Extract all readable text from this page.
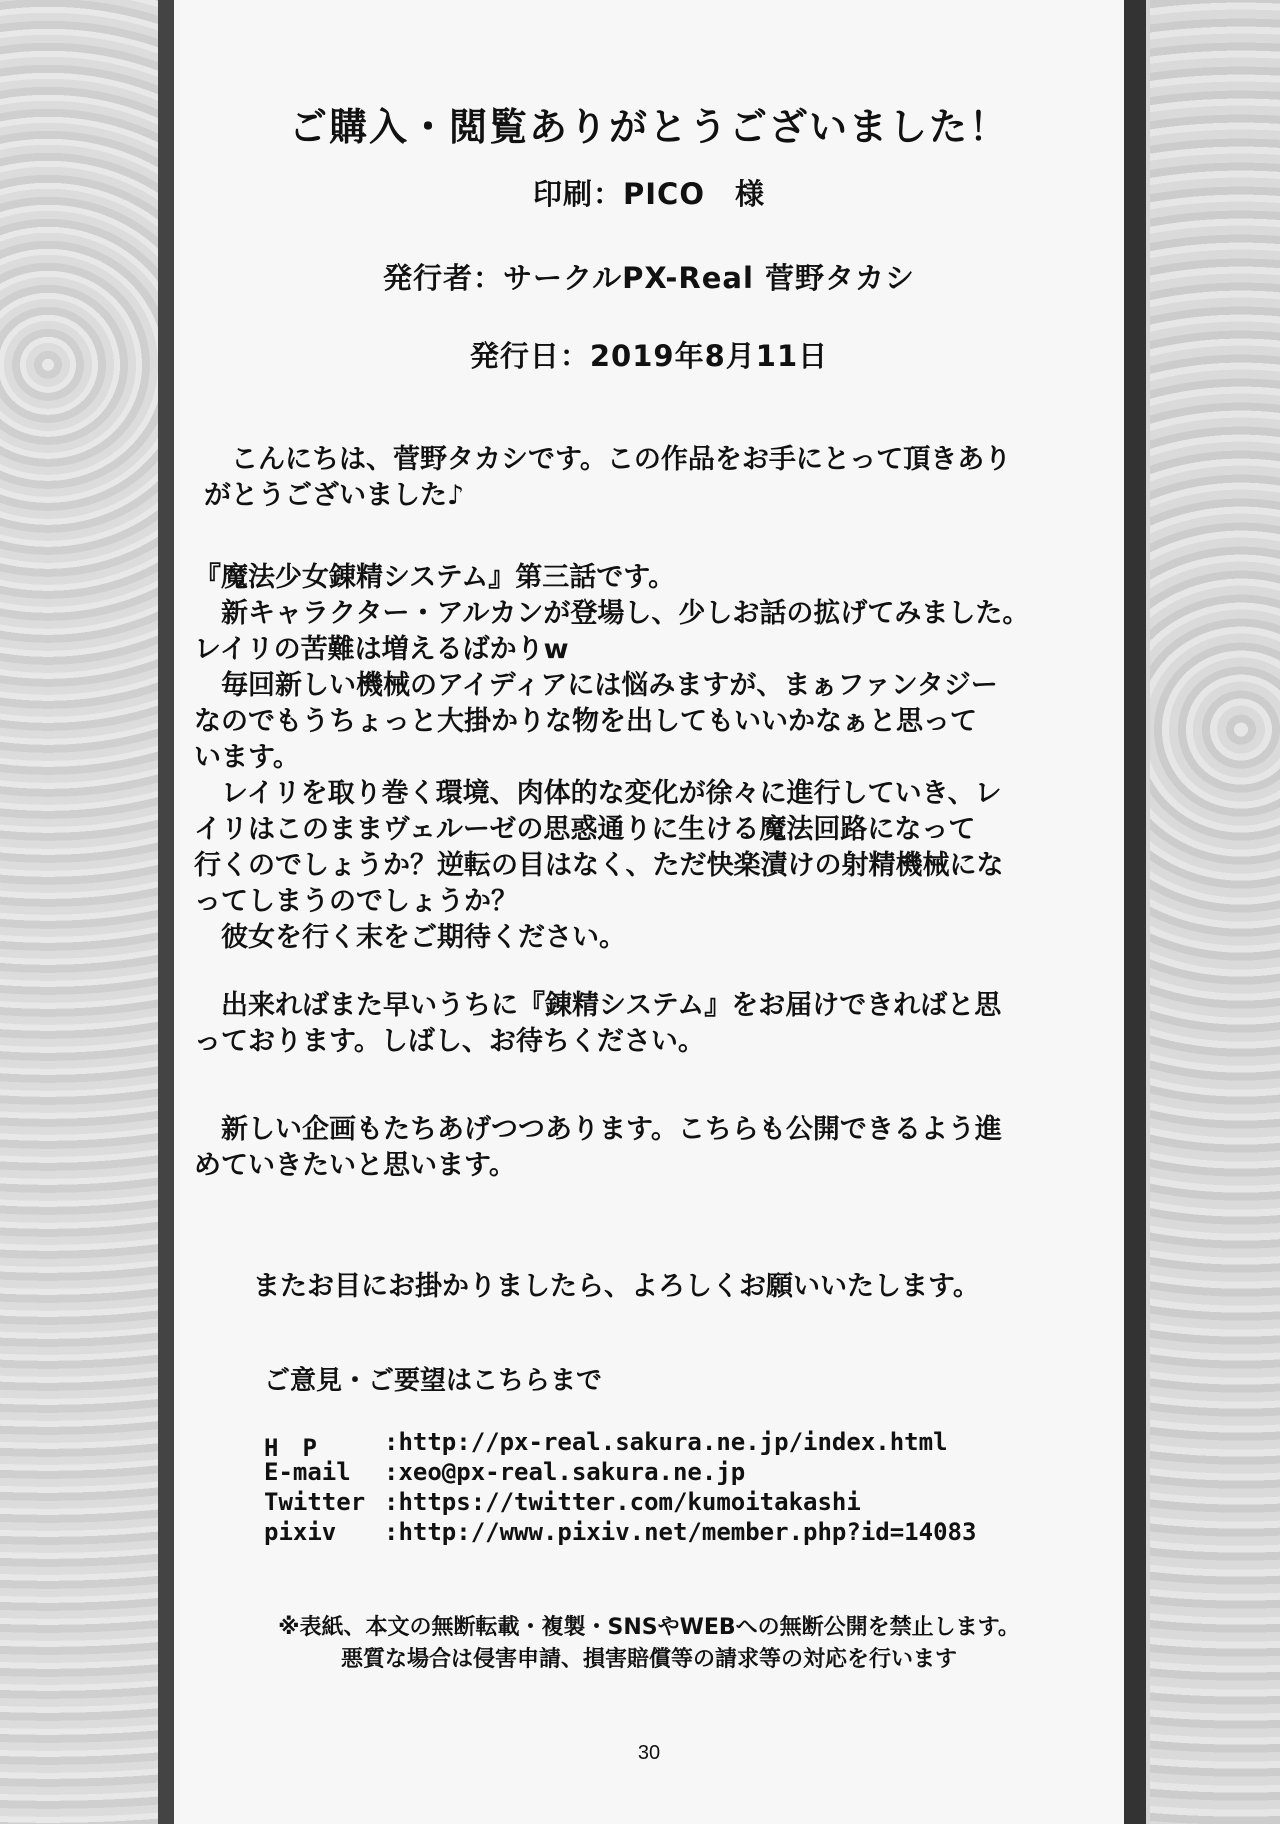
ご購入・閲覧ありがとうございました！
印刷：PICO　様
発行者：サークルPX-Real 菅野タカシ
発行日：2019年8月11日
　こんにちは、菅野タカシです。この作品をお手にとって頂きあり
がとうございました♪
『魔法少女錬精システム』第三話です。
　新キャラクター・アルカンが登場し、少しお話の拡げてみました。
レイリの苦難は増えるばかりw
　毎回新しい機械のアイディアには悩みますが、まぁファンタジー
なのでもうちょっと大掛かりな物を出してもいいかなぁと思って
います。
　レイリを取り巻く環境、肉体的な変化が徐々に進行していき、レ
イリはこのままヴェルーゼの思惑通りに生ける魔法回路になって
行くのでしょうか？逆転の目はなく、ただ快楽漬けの射精機械にな
ってしまうのでしょうか？
　彼女を行く末をご期待ください。
　出来ればまた早いうちに『錬精システム』をお届けできればと思
っております。しばし、お待ちください。
　新しい企画もたちあげつつあります。こちらも公開できるよう進
めていきたいと思います。
　またお目にお掛かりましたら、よろしくお願いいたします。
ご意見・ご要望はこちらまで
H　P	:http://px-real.sakura.ne.jp/index.html
E-mail	:xeo@px-real.sakura.ne.jp
Twitter :https://twitter.com/kumoitakashi
pixiv	:http://www.pixiv.net/member.php?id=14083
※表紙、本文の無断転載・複製・SNSやWEBへの無断公開を禁止します。
悪質な場合は侵害申請、損害賠償等の請求等の対応を行います
30
